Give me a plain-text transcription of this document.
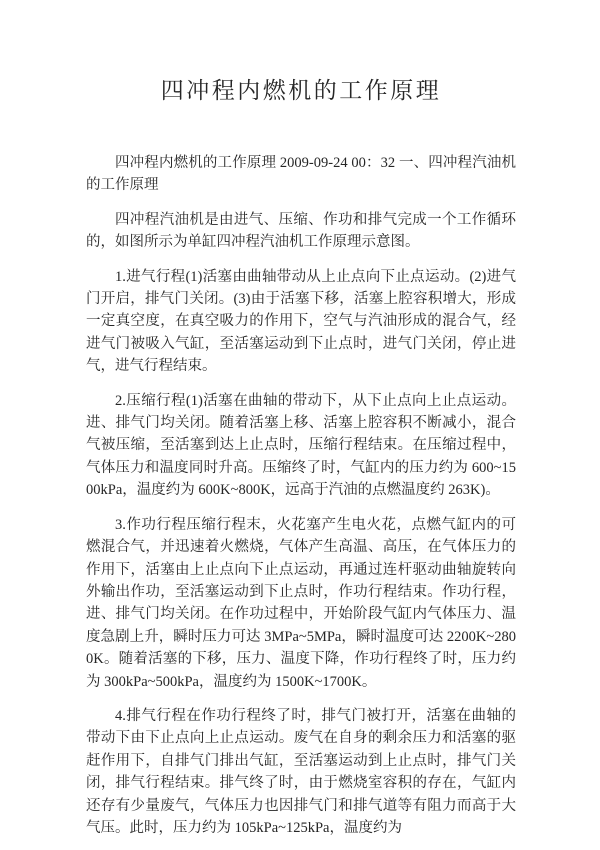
四冲程内燃机的工作原理

四冲程内燃机的工作原理 2009-09-24 00：32 一、四冲程汽油机的工作原理

四冲程汽油机是由进气、压缩、作功和排气完成一个工作循环的，如图所示为单缸四冲程汽油机工作原理示意图。

1.进气行程(1)活塞由曲轴带动从上止点向下止点运动。(2)进气门开启，排气门关闭。(3)由于活塞下移，活塞上腔容积增大，形成一定真空度，在真空吸力的作用下，空气与汽油形成的混合气，经进气门被吸入气缸，至活塞运动到下止点时，进气门关闭，停止进气，进气行程结束。

2.压缩行程(1)活塞在曲轴的带动下，从下止点向上止点运动。进、排气门均关闭。随着活塞上移、活塞上腔容积不断减小，混合气被压缩，至活塞到达上止点时，压缩行程结束。在压缩过程中，气体压力和温度同时升高。压缩终了时，气缸内的压力约为 600~1500kPa，温度约为 600K~800K，远高于汽油的点燃温度约 263K)。

3.作功行程压缩行程末，火花塞产生电火花，点燃气缸内的可燃混合气，并迅速着火燃烧，气体产生高温、高压，在气体压力的作用下，活塞由上止点向下止点运动，再通过连杆驱动曲轴旋转向外输出作功，至活塞运动到下止点时，作功行程结束。作功行程，进、排气门均关闭。在作功过程中，开始阶段气缸内气体压力、温度急剧上升，瞬时压力可达 3MPa~5MPa，瞬时温度可达 2200K~2800K。随着活塞的下移，压力、温度下降，作功行程终了时，压力约为 300kPa~500kPa，温度约为 1500K~1700K。

4.排气行程在作功行程终了时，排气门被打开，活塞在曲轴的带动下由下止点向上止点运动。废气在自身的剩余压力和活塞的驱赶作用下，自排气门排出气缸，至活塞运动到上止点时，排气门关闭，排气行程结束。排气终了时，由于燃烧室容积的存在，气缸内还存有少量废气，气体压力也因排气门和排气道等有阻力而高于大气压。此时，压力约为 105kPa~125kPa，温度约为
